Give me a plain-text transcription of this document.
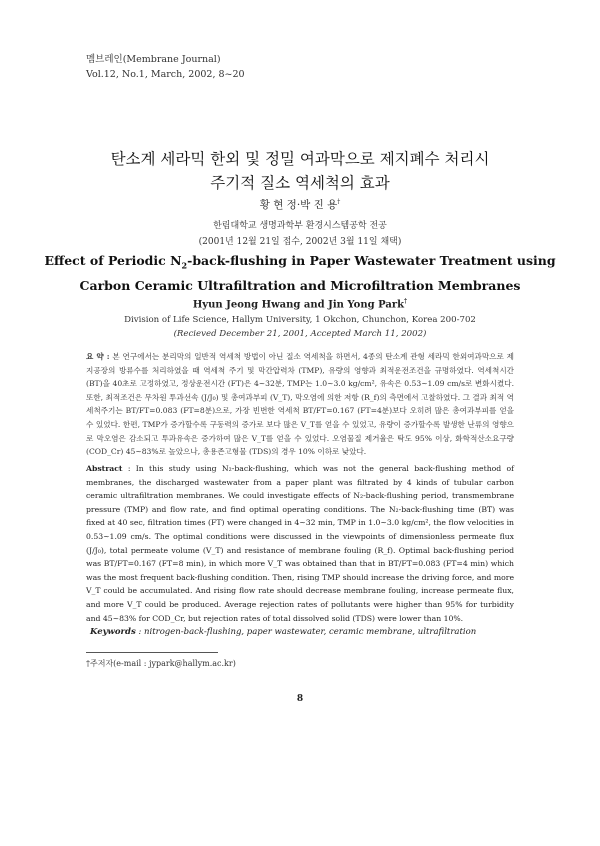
멤브레인(Membrane Journal)
Vol.12, No.1, March, 2002, 8~20
탄소계 세라믹 한외 및 정밀 여과막으로 제지폐수 처리시
주기적 질소 역세척의 효과
황 현 정·박 진 용†
한림대학교 생명과학부 환경시스템공학 전공
(2001년 12월 21일 접수, 2002년 3월 11일 채택)
Effect of Periodic $N_2-back$-flushing in Paper Wastewater Treatment using
Carbon Ceramic Ultrafiltration and Microfiltration Membranes
Hyun Jeong Hwang and Jin Yong Park†
Division of Life Science, Hallym University, 1 Okchon, Chunchon, Korea 200-702
(Recieved December 21, 2001, Accepted March 11, 2002)
요 약 : 본 연구에서는 분리막의 일반적 역세척 방법이 아닌 질소 역세척을 하면서, 4종의 탄소계 관형 세라믹 한외여과막으로 제지공장의 방류수를 처리하였을 때 역세척 주기 및 막간압력차 (TMP), 유량의 영향과 최적운전조건을 규명하였다. 역세척시간 (BT)을 40초로 고정하였고, 정상운전시간 (FT)은 4~32분, TMP는 1.0~3.0 kg/cm², 유속은 0.53~1.09 cm/s로 변화시켰다. 또한, 최적조건은 무차원 투과선속 (J/J₀) 및 총여과부피 (V_T), 막오염에 의한 저항 (R_f)의 측면에서 고찰하였다. 그 결과 최적 역세척주기는 BT/FT=0.083 (FT=8분)으로, 가장 빈번한 역세척 BT/FT=0.167 (FT=4분)보다 오히려 많은 총여과부피를 얻을 수 있었다. 한편, TMP가 증가할수록 구동력의 증가로 보다 많은 V_T를 얻을 수 있었고, 유량이 증가할수록 발생한 난류의 영향으로 막오염은 감소되고 투과유속은 증가하여 많은 V_T를 얻을 수 있었다. 오염물질 제거율은 탁도 95% 이상, 화학적산소요구량 (COD_Cr) 45~83%로 높았으나, 총용존고형물 (TDS)의 경우 10% 이하로 낮았다.
Abstract : In this study using N₂-back-flushing, which was not the general back-flushing method of membranes, the discharged wastewater from a paper plant was filtrated by 4 kinds of tubular carbon ceramic ultrafiltration membranes. We could investigate effects of N₂-back-flushing period, transmembrane pressure (TMP) and flow rate, and find optimal operating conditions. The N₂-back-flushing time (BT) was fixed at 40 sec, filtration times (FT) were changed in 4~32 min, TMP in 1.0~3.0 kg/cm², the flow velocities in 0.53~1.09 cm/s. The optimal conditions were discussed in the viewpoints of dimensionless permeate flux (J/J₀), total permeate volume (V_T) and resistance of membrane fouling (R_f). Optimal back-flushing period was BT/FT=0.167 (FT=8 min), in which more V_T was obtained than that in BT/FT=0.083 (FT=4 min) which was the most frequent back-flushing condition. Then, rising TMP should increase the driving force, and more V_T could be accumulated. And rising flow rate should decrease membrane fouling, increase permeate flux, and more V_T could be produced. Average rejection rates of pollutants were higher than 95% for turbidity and 45~83% for COD_Cr, but rejection rates of total dissolved solid (TDS) were lower than 10%.
Keywords : nitrogen-back-flushing, paper wastewater, ceramic membrane, ultrafiltration
†주저자(e-mail : jypark@hallym.ac.kr)
8
